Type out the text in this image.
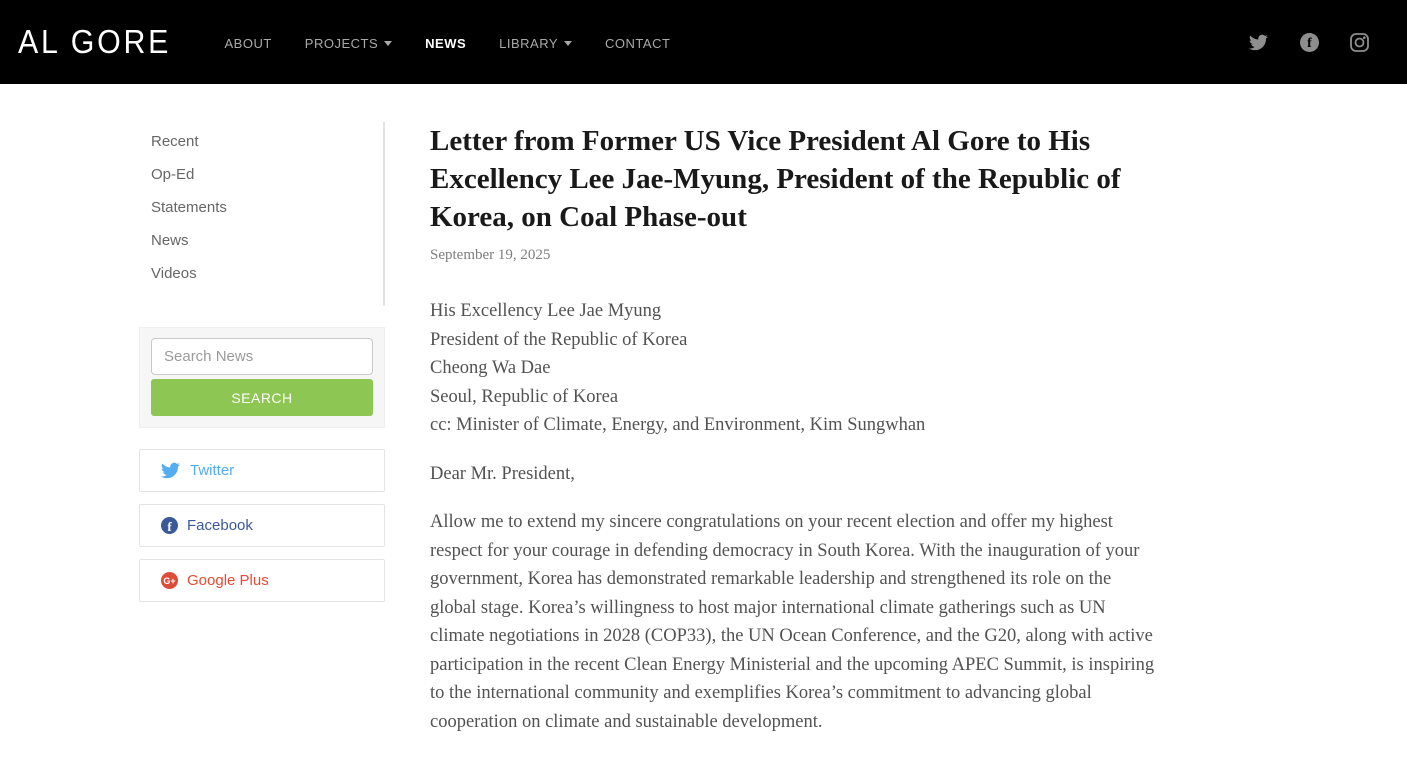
AL GORE	ABOUT	PROJECTS	NEWS	LIBRARY	CONTACT	f
Recent
Op-Ed
Statements
News
Videos
Search News SEARCH
Twitter
f	Facebook
G+ Google Plus
Letter from Former US Vice President Al Gore to His Excellency Lee Jae-Myung, President of the Republic of Korea, on Coal Phase-out
September 19, 2025
His Excellency Lee Jae Myung
President of the Republic of Korea
Cheong Wa Dae
Seoul, Republic of Korea
cc: Minister of Climate, Energy, and Environment, Kim Sungwhan
Dear Mr. President,
Allow me to extend my sincere congratulations on your recent election and offer my highest respect for your courage in defending democracy in South Korea. With the inauguration of your government, Korea has demonstrated remarkable leadership and strengthened its role on the global stage. Korea’s willingness to host major international climate gatherings such as UN climate negotiations in 2028 (COP33), the UN Ocean Conference, and the G20, along with active participation in the recent Clean Energy Ministerial and the upcoming APEC Summit, is inspiring to the international community and exemplifies Korea’s commitment to advancing global cooperation on climate and sustainable development.
